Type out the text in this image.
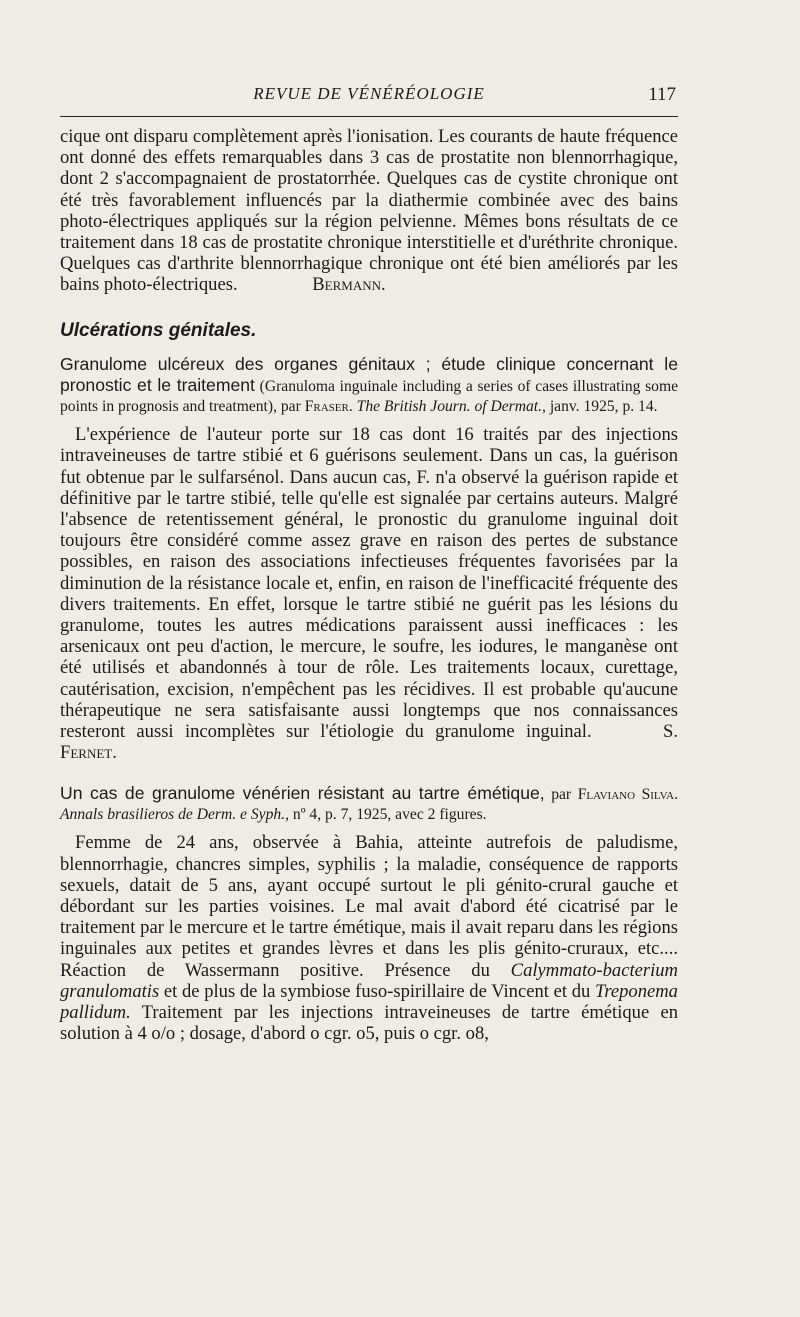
REVUE DE VÉNÉRÉOLOGIE	117

cique ont disparu complètement après l'ionisation. Les courants de haute fréquence ont donné des effets remarquables dans 3 cas de prostatite non blennorrhagique, dont 2 s'accompagnaient de prostatorrhée. Quelques cas de cystite chronique ont été très favorablement influencés par la diathermie combinée avec des bains photo-électriques appliqués sur la région pelvienne. Mêmes bons résultats de ce traitement dans 18 cas de prostatite chronique interstitielle et d'uréthrite chronique. Quelques cas d'arthrite blennorrhagique chronique ont été bien améliorés par les bains photo-électriques.	Bermann.

Ulcérations génitales.
Granulome ulcéreux des organes génitaux ; étude clinique concernant le pronostic et le traitement (Granuloma inguinale including a series of cases illustrating some points in prognosis and treatment), par Fraser. The British Journ. of Dermat., janv. 1925, p. 14.

L'expérience de l'auteur porte sur 18 cas dont 16 traités par des injections intraveineuses de tartre stibié et 6 guérisons seulement. Dans un cas, la guérison fut obtenue par le sulfarsénol. Dans aucun cas, F. n'a observé la guérison rapide et définitive par le tartre stibié, telle qu'elle est signalée par certains auteurs. Malgré l'absence de retentissement général, le pronostic du granulome inguinal doit toujours être considéré comme assez grave en raison des pertes de substance possibles, en raison des associations infectieuses fréquentes favorisées par la diminution de la résistance locale et, enfin, en raison de l'inefficacité fréquente des divers traitements. En effet, lorsque le tartre stibié ne guérit pas les lésions du granulome, toutes les autres médications paraissent aussi inefficaces : les arsenicaux ont peu d'action, le mercure, le soufre, les iodures, le manganèse ont été utilisés et abandonnés à tour de rôle. Les traitements locaux, curettage, cautérisation, excision, n'empêchent pas les récidives. Il est probable qu'aucune thérapeutique ne sera satisfaisante aussi longtemps que nos connaissances resteront aussi incomplètes sur l'étiologie du granulome inguinal.	S. Fernet.

Un cas de granulome vénérien résistant au tartre émétique, par Flaviano Silva. Annals brasilieros de Derm. e Syph., nº 4, p. 7, 1925, avec 2 figures.

Femme de 24 ans, observée à Bahia, atteinte autrefois de paludisme, blennorrhagie, chancres simples, syphilis ; la maladie, conséquence de rapports sexuels, datait de 5 ans, ayant occupé surtout le pli génito-crural gauche et débordant sur les parties voisines. Le mal avait d'abord été cicatrisé par le traitement par le mercure et le tartre émétique, mais il avait reparu dans les régions inguinales aux petites et grandes lèvres et dans les plis génito-cruraux, etc.... Réaction de Wassermann positive. Présence du Calymmato-bacterium granulomatis et de plus de la symbiose fuso-spirillaire de Vincent et du Treponema pallidum. Traitement par les injections intraveineuses de tartre émétique en solution à 4 o/o ; dosage, d'abord o cgr. o5, puis o cgr. o8,
